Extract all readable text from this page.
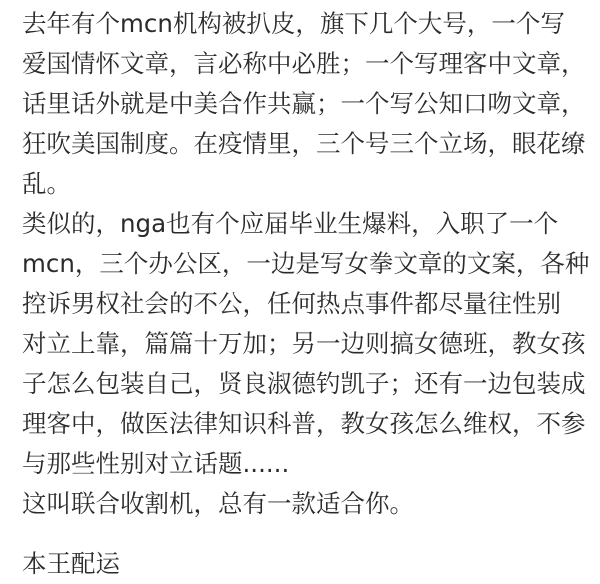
去年有个mcn机构被扒皮，旗下几个大号，一个写
爱国情怀文章，言必称中必胜；一个写理客中文章，
话里话外就是中美合作共赢；一个写公知口吻文章，
狂吹美国制度。在疫情里，三个号三个立场，眼花缭
乱。

类似的，nga也有个应届毕业生爆料，入职了一个
mcn，三个办公区，一边是写女拳文章的文案，各种
控诉男权社会的不公，任何热点事件都尽量往性别
对立上靠，篇篇十万加；另一边则搞女德班，教女孩
子怎么包装自己，贤良淑德钓凯子；还有一边包装成
理客中，做医法律知识科普，教女孩怎么维权，不参
与那些性别对立话题......

这叫联合收割机，总有一款适合你。

本王配运
